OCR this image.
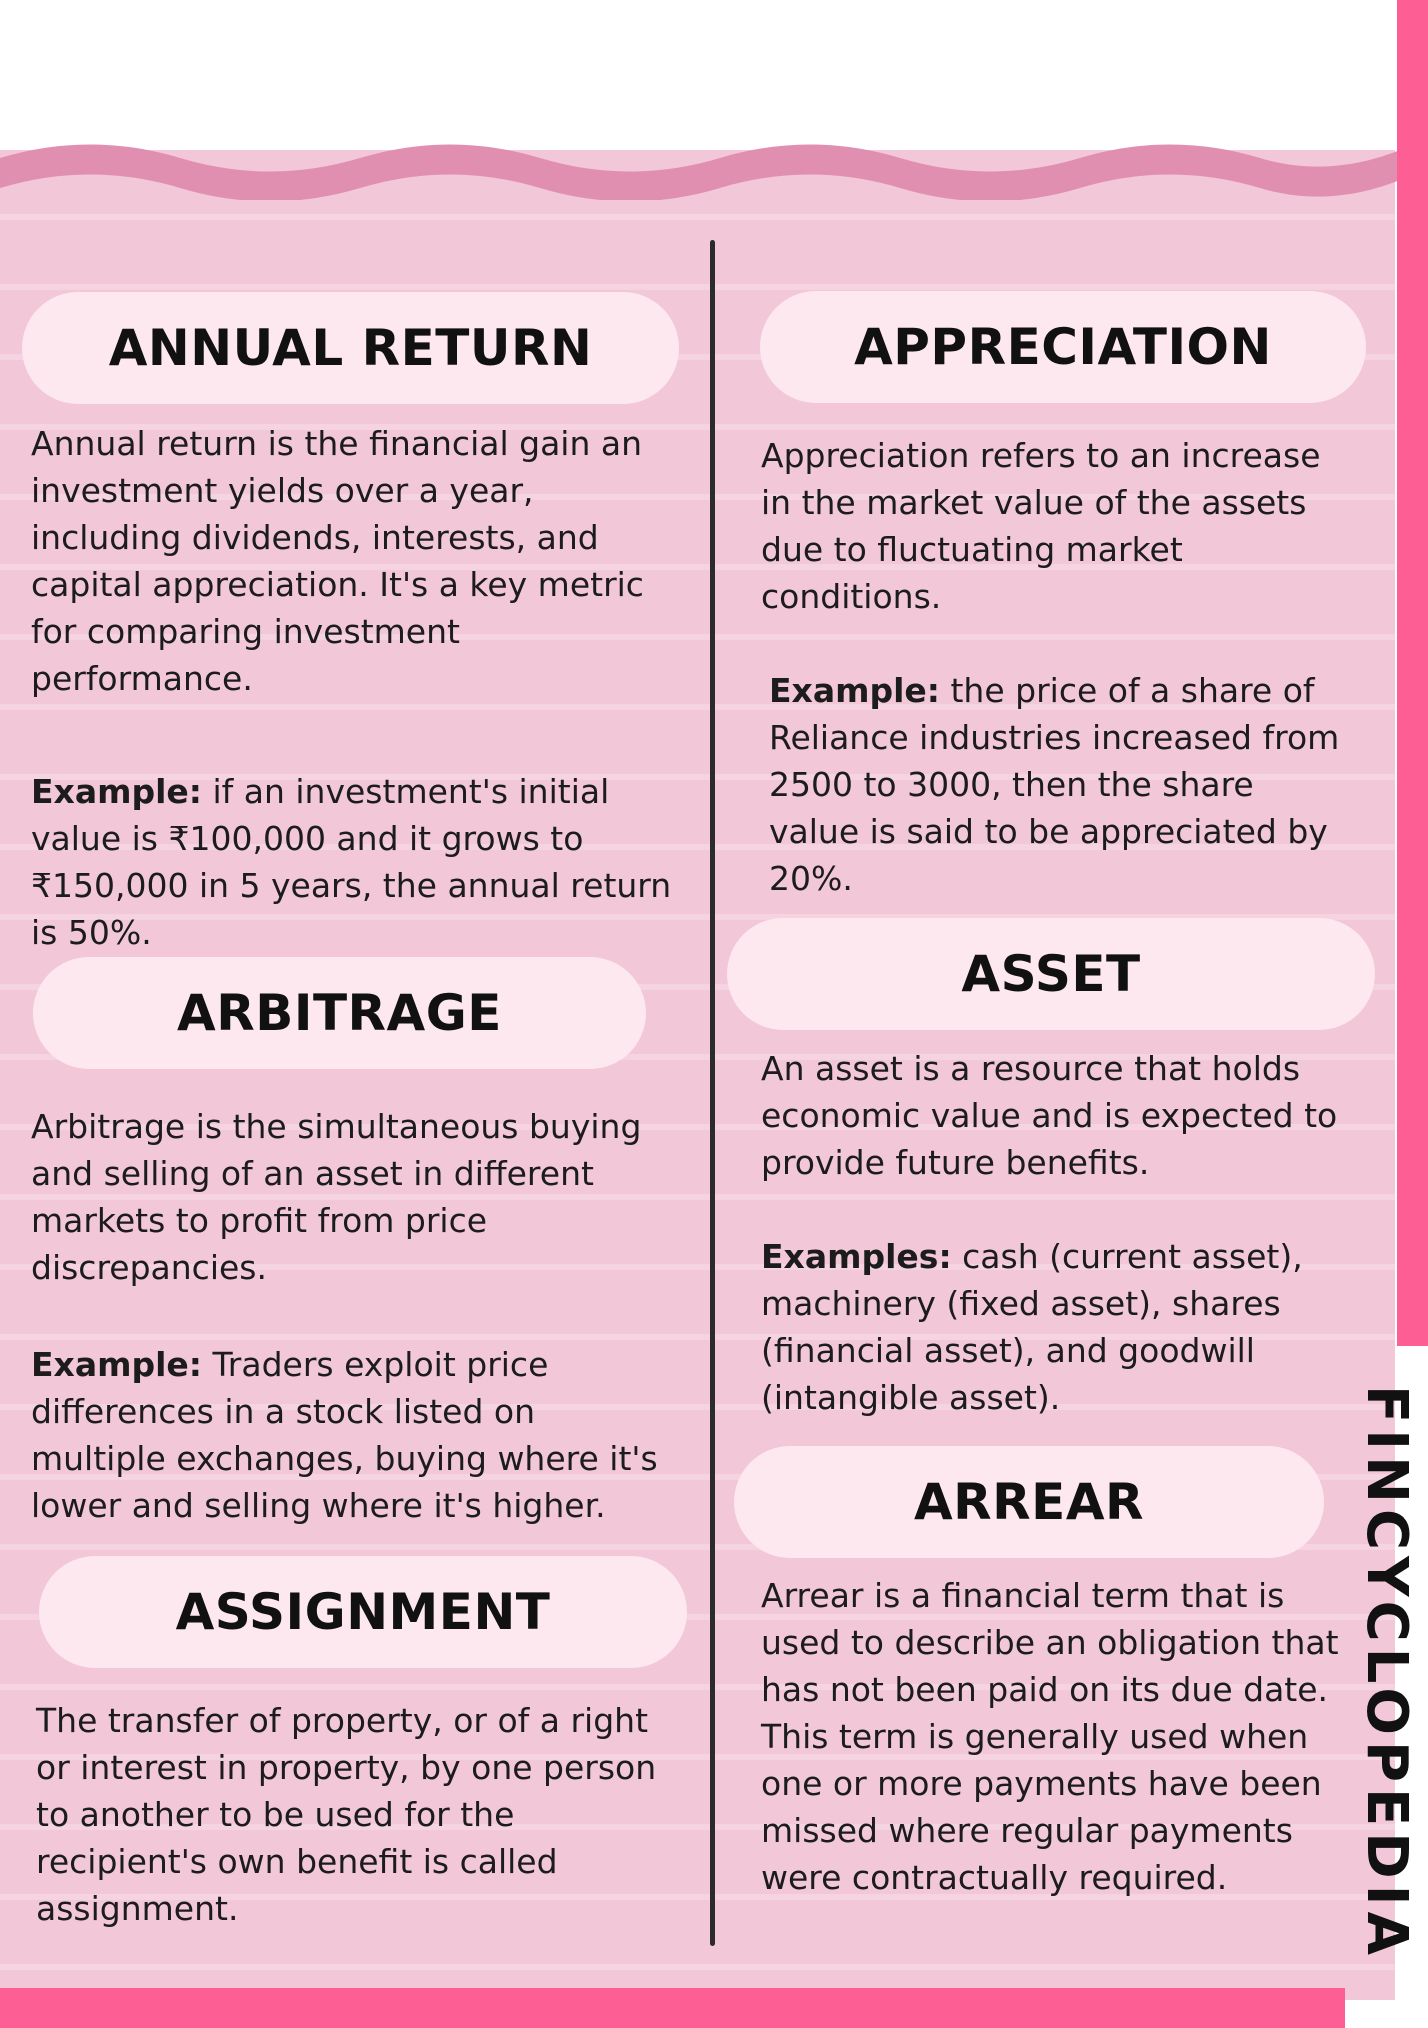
ANNUAL RETURN
Annual return is the financial gain an investment yields over a year, including dividends, interests, and capital appreciation. It's a key metric for comparing investment performance.
Example: if an investment's initial value is ₹100,000 and it grows to ₹150,000 in 5 years, the annual return is 50%.
ARBITRAGE
Arbitrage is the simultaneous buying and selling of an asset in different markets to profit from price discrepancies.
Example: Traders exploit price differences in a stock listed on multiple exchanges, buying where it's lower and selling where it's higher.
ASSIGNMENT
The transfer of property, or of a right or interest in property, by one person to another to be used for the recipient's own benefit is called assignment.
APPRECIATION
Appreciation refers to an increase in the market value of the assets due to fluctuating market conditions.
Example: the price of a share of Reliance industries increased from 2500 to 3000, then the share value is said to be appreciated by 20%.
ASSET
An asset is a resource that holds economic value and is expected to provide future benefits.
Examples: cash (current asset), machinery (fixed asset), shares (financial asset), and goodwill (intangible asset).
ARREAR
Arrear is a financial term that is used to describe an obligation that has not been paid on its due date. This term is generally used when one or more payments have been missed where regular payments were contractually required.	FINCYCLOPEDIA
